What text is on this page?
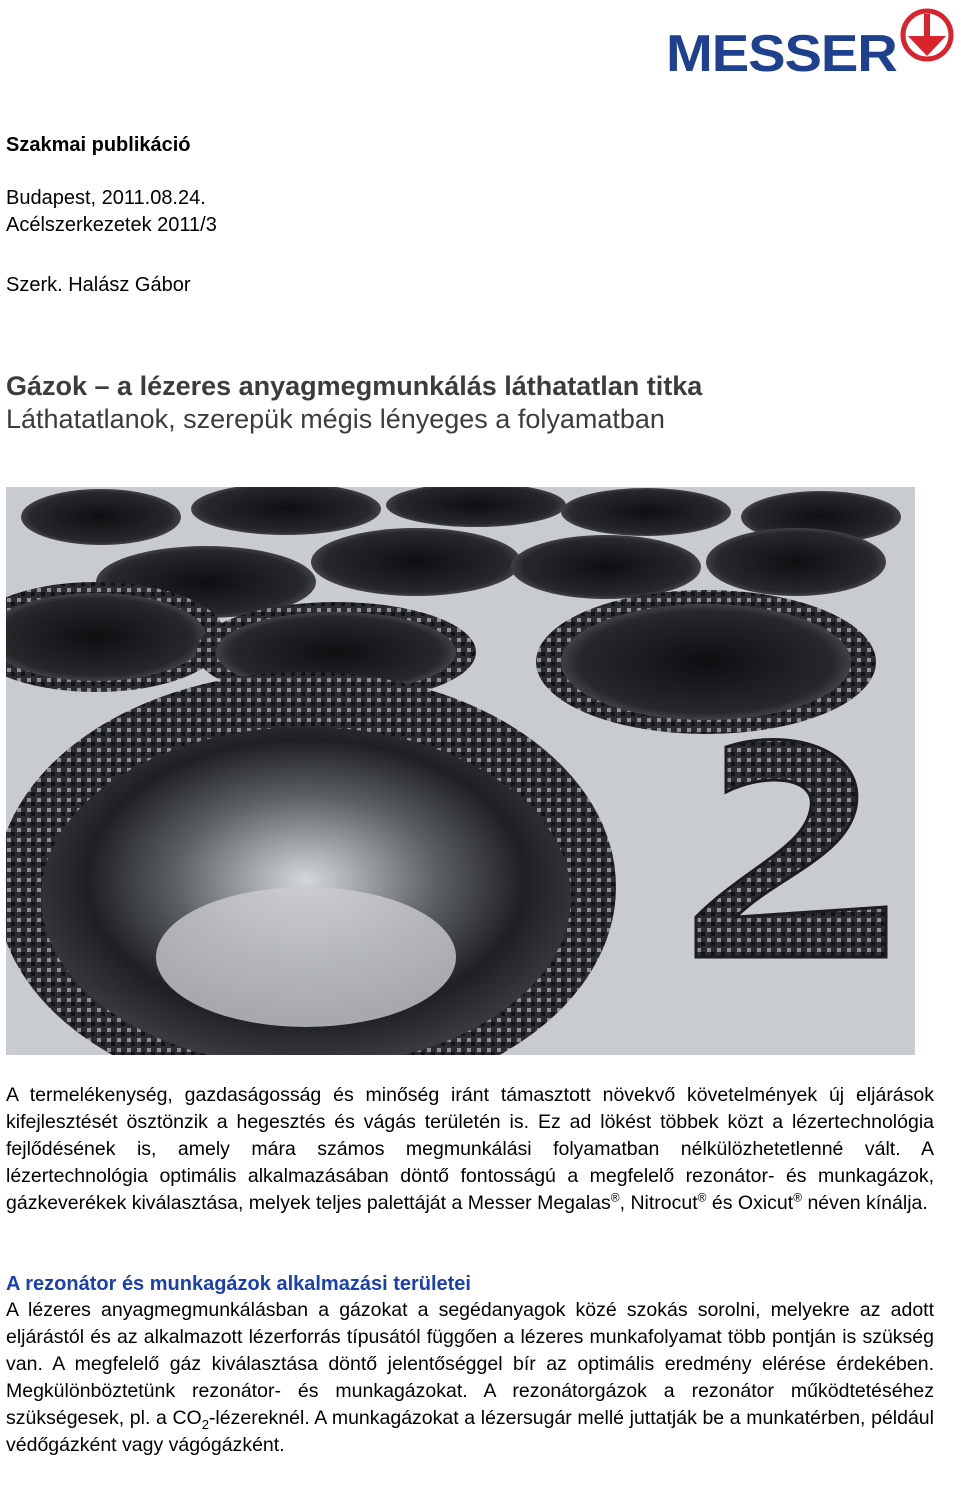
MESSER
Szakmai publikáció
Budapest, 2011.08.24.
Acélszerkezetek 2011/3
Szerk. Halász Gábor
Gázok – a lézeres anyagmegmunkálás láthatatlan titka
Láthatatlanok, szerepük mégis lényeges a folyamatban
A termelékenység, gazdaságosság és minőség iránt támasztott növekvő követelmények új eljárások kifejlesztését ösztönzik a hegesztés és vágás területén is. Ez ad lökést többek közt a lézertechnológia fejlődésének is, amely mára számos megmunkálási folyamatban nélkülözhetetlenné vált. A lézertechnológia optimális alkalmazásában döntő fontosságú a megfelelő rezonátor- és munkagázok, gázkeverékek kiválasztása, melyek teljes palettáját a Messer Megalas®, Nitrocut® és Oxicut® néven kínálja.
A rezonátor és munkagázok alkalmazási területei
A lézeres anyagmegmunkálásban a gázokat a segédanyagok közé szokás sorolni, melyekre az adott eljárástól és az alkalmazott lézerforrás típusától függően a lézeres munkafolyamat több pontján is szükség van. A megfelelő gáz kiválasztása döntő jelentőséggel bír az optimális eredmény elérése érdekében. Megkülönböztetünk rezonátor- és munkagázokat. A rezonátorgázok a rezonátor működtetéséhez szükségesek, pl. a $CO_2$-lézereknél. A munkagázokat a lézersugár mellé juttatják be a munkatérben, például védőgázként vagy vágógázként.
